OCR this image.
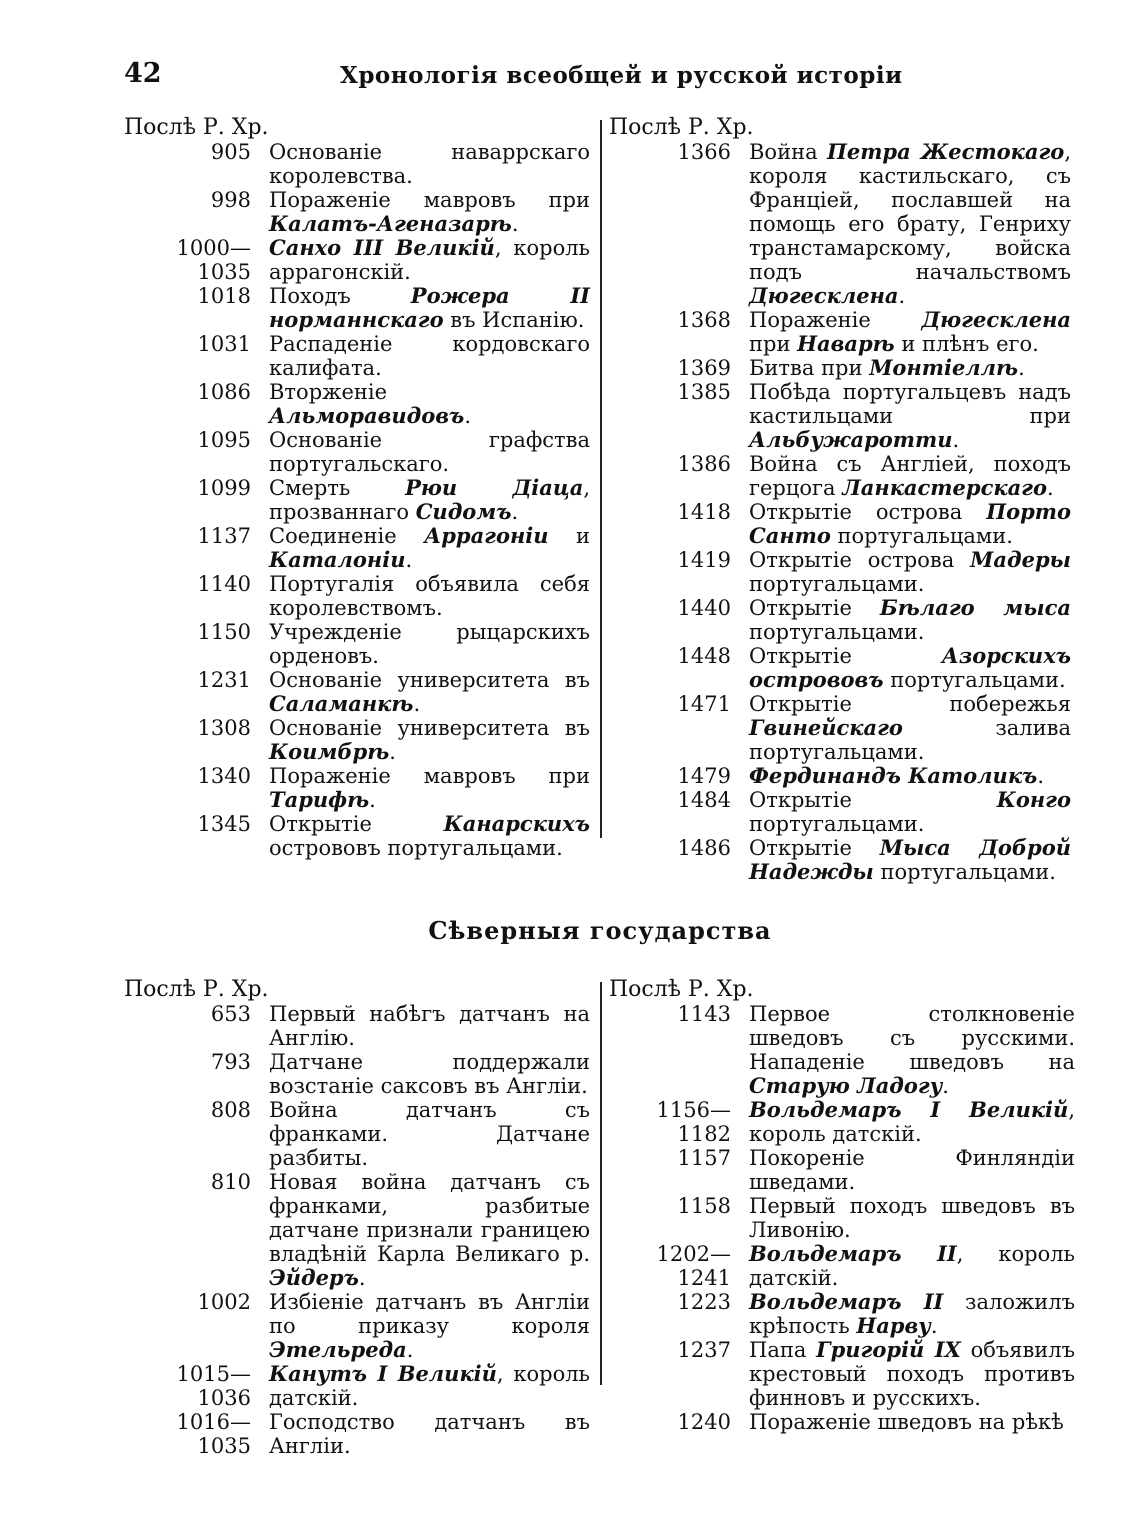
42	Хронологія всеобщей и русской исторіи
Послѣ Р. Хр.
905 Основаніе наваррскаго королевства.
998 Пораженіе мавровъ при Калатъ-Агеназарѣ.
1000—1035
Санхо III Великій, король аррагонскій.
1018 Походъ Рожера II норманнскаго въ Испанію.
1031 Распаденіе кордовскаго калифата.
1086 Вторженіе Альморавидовъ.
1095 Основаніе графства португальскаго.
1099 Смерть Рюи Діаца, прозваннаго Сидомъ.
1137 Соединеніе Аррагоніи и Каталоніи.
1140 Португалія объявила себя королевствомъ.
1150 Учрежденіе рыцарскихъ орденовъ.
1231 Основаніе университета въ Саламанкѣ.
1308 Основаніе университета въ Коимбрѣ.
1340 Пораженіе мавровъ при Тарифѣ.
1345 Открытіе Канарскихъ острововъ португальцами.
Послѣ Р. Хр.
1366 Война Петра Жестокаго, короля кастильскаго, съ Франціей, пославшей на помощь его брату, Генриху транстамарскому, войска подъ начальствомъ Дюгесклена.
1368 Пораженіе Дюгесклена при Наварѣ и плѣнъ его.
1369 Битва при Монтіеллѣ.
1385 Побѣда португальцевъ надъ кастильцами при Альбужаротти.
1386 Война съ Англіей, походъ герцога Ланкастерскаго.
1418 Открытіе острова Порто Санто португальцами.
1419 Открытіе острова Мадеры португальцами.
1440 Открытіе Бѣлаго мыса португальцами.
1448 Открытіе Азорскихъ острововъ португальцами.
1471 Открытіе побережья Гвинейскаго залива португальцами.
1479 Фердинандъ Католикъ.
1484 Открытіе Конго португальцами.
1486 Открытіе Мыса Доброй Надежды португальцами.
Сѣверныя государства
Послѣ Р. Хр.
653 Первый набѣгъ датчанъ на Англію.
793 Датчане поддержали возстаніе саксовъ въ Англіи.
808 Война датчанъ съ франками. Датчане разбиты.
810 Новая война датчанъ съ франками, разбитые датчане признали границею владѣній Карла Великаго р. Эйдеръ.
1002 Избіеніе датчанъ въ Англіи по приказу короля Этельреда.
1015—1036
Канутъ I Великій, король датскій.
1016—1035
Господство датчанъ въ Англіи.
Послѣ Р. Хр.
1143 Первое столкновеніе шведовъ съ русскими. Нападеніе шведовъ на Старую Ладогу.
1156—1182
Вольдемаръ I Великій, король датскій.
1157 Покореніе Финляндіи шведами.
1158 Первый походъ шведовъ въ Ливонію.
1202—1241
Вольдемаръ II, король датскій.
1223 Вольдемаръ II заложилъ крѣпость Нарву.
1237 Папа Григорій IX объявилъ крестовый походъ противъ финновъ и русскихъ.
1240 Пораженіе шведовъ на рѣкѣ
